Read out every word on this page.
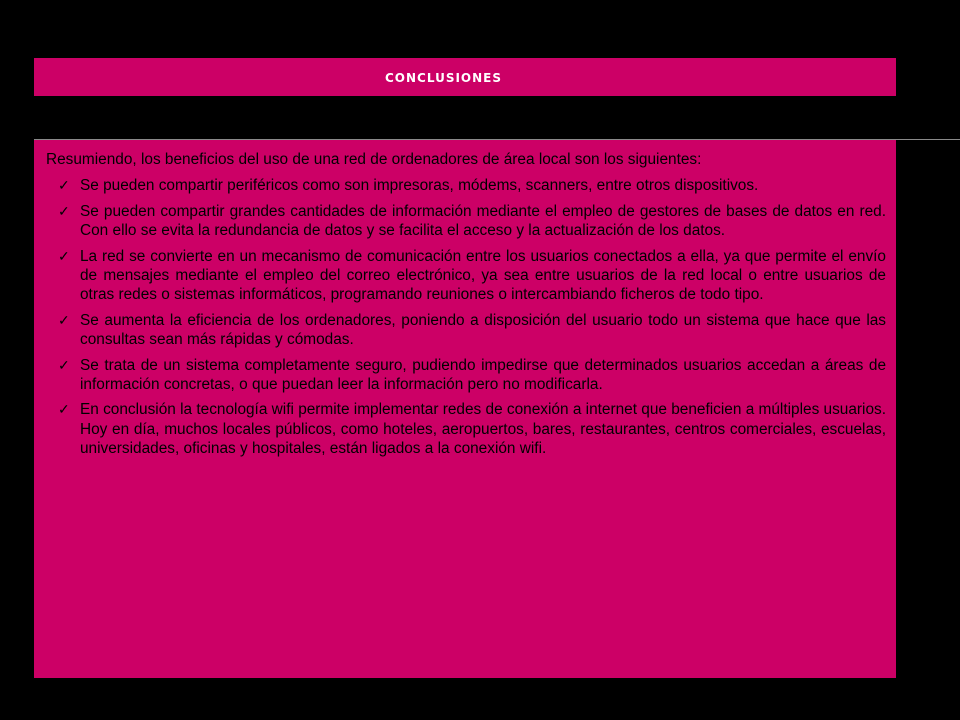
conclusiones

Resumiendo, los beneficios del uso de una red de ordenadores de área local son los siguientes:

✓ Se pueden compartir periféricos como son impresoras, módems, scanners, entre otros dispositivos.
✓ Se pueden compartir grandes cantidades de información mediante el empleo de gestores de bases de datos en red. Con ello se evita la redundancia de datos y se facilita el acceso y la actualización de los datos.
✓ La red se convierte en un mecanismo de comunicación entre los usuarios conectados a ella, ya que permite el envío de mensajes mediante el empleo del correo electrónico, ya sea entre usuarios de la red local o entre usuarios de otras redes o sistemas informáticos, programando reuniones o intercambiando ficheros de todo tipo.
✓ Se aumenta la eficiencia de los ordenadores, poniendo a disposición del usuario todo un sistema que hace que las consultas sean más rápidas y cómodas.
✓ Se trata de un sistema completamente seguro, pudiendo impedirse que determinados usuarios accedan a áreas de información concretas, o que puedan leer la información pero no modificarla.
✓ En conclusión la tecnología wifi permite implementar redes de conexión a internet que beneficien a múltiples usuarios. Hoy en día, muchos locales públicos, como hoteles, aeropuertos, bares, restaurantes, centros comerciales, escuelas, universidades, oficinas y hospitales, están ligados a la conexión wifi.
